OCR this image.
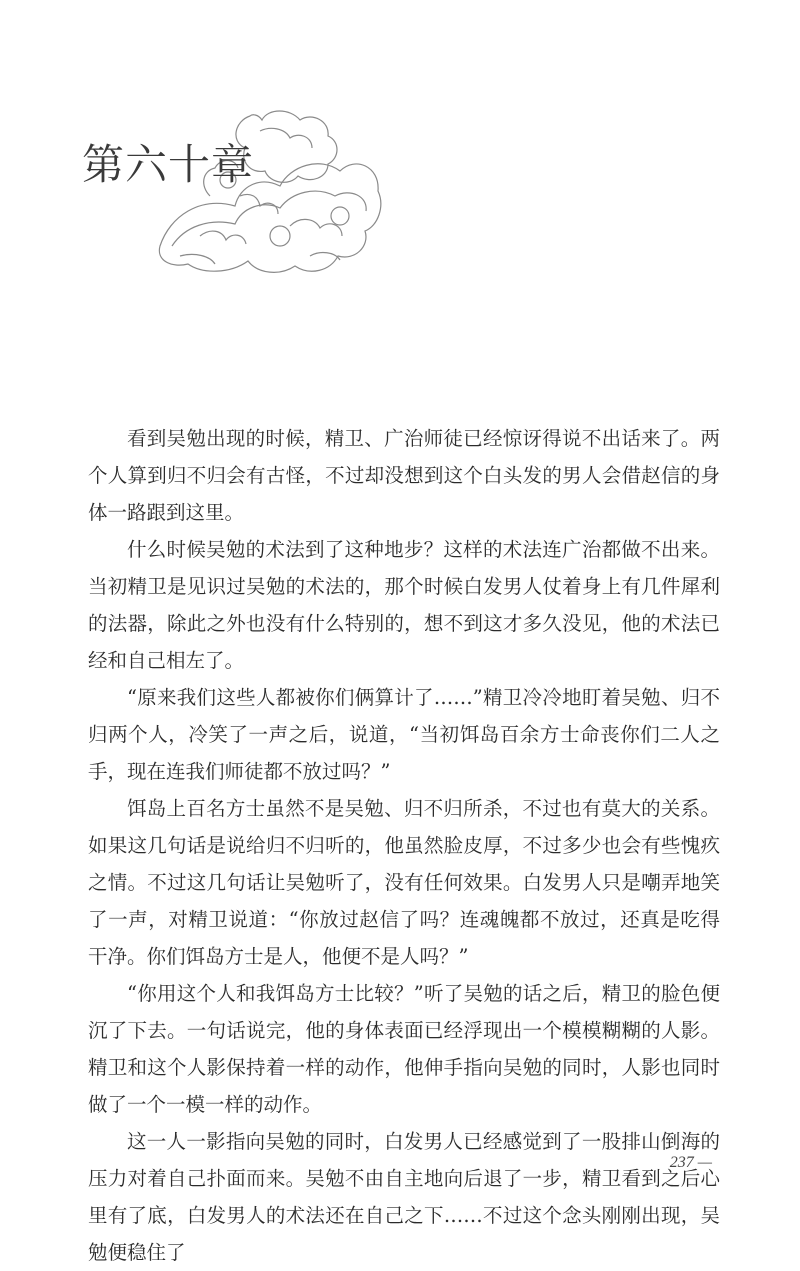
第六十章

看到吴勉出现的时候，精卫、广治师徒已经惊讶得说不出话来了。两个人算到归不归会有古怪，不过却没想到这个白头发的男人会借赵信的身体一路跟到这里。

什么时候吴勉的术法到了这种地步？这样的术法连广治都做不出来。当初精卫是见识过吴勉的术法的，那个时候白发男人仗着身上有几件犀利的法器，除此之外也没有什么特别的，想不到这才多久没见，他的术法已经和自己相左了。

“原来我们这些人都被你们俩算计了……”精卫冷冷地盯着吴勉、归不归两个人，冷笑了一声之后，说道，“当初饵岛百余方士命丧你们二人之手，现在连我们师徒都不放过吗？”

饵岛上百名方士虽然不是吴勉、归不归所杀，不过也有莫大的关系。如果这几句话是说给归不归听的，他虽然脸皮厚，不过多少也会有些愧疚之情。不过这几句话让吴勉听了，没有任何效果。白发男人只是嘲弄地笑了一声，对精卫说道：“你放过赵信了吗？连魂魄都不放过，还真是吃得干净。你们饵岛方士是人，他便不是人吗？”

“你用这个人和我饵岛方士比较？”听了吴勉的话之后，精卫的脸色便沉了下去。一句话说完，他的身体表面已经浮现出一个模模糊糊的人影。精卫和这个人影保持着一样的动作，他伸手指向吴勉的同时，人影也同时做了一个一模一样的动作。

这一人一影指向吴勉的同时，白发男人已经感觉到了一股排山倒海的压力对着自己扑面而来。吴勉不由自主地向后退了一步，精卫看到之后心里有了底，白发男人的术法还在自己之下……不过这个念头刚刚出现，吴勉便稳住了

237 —
